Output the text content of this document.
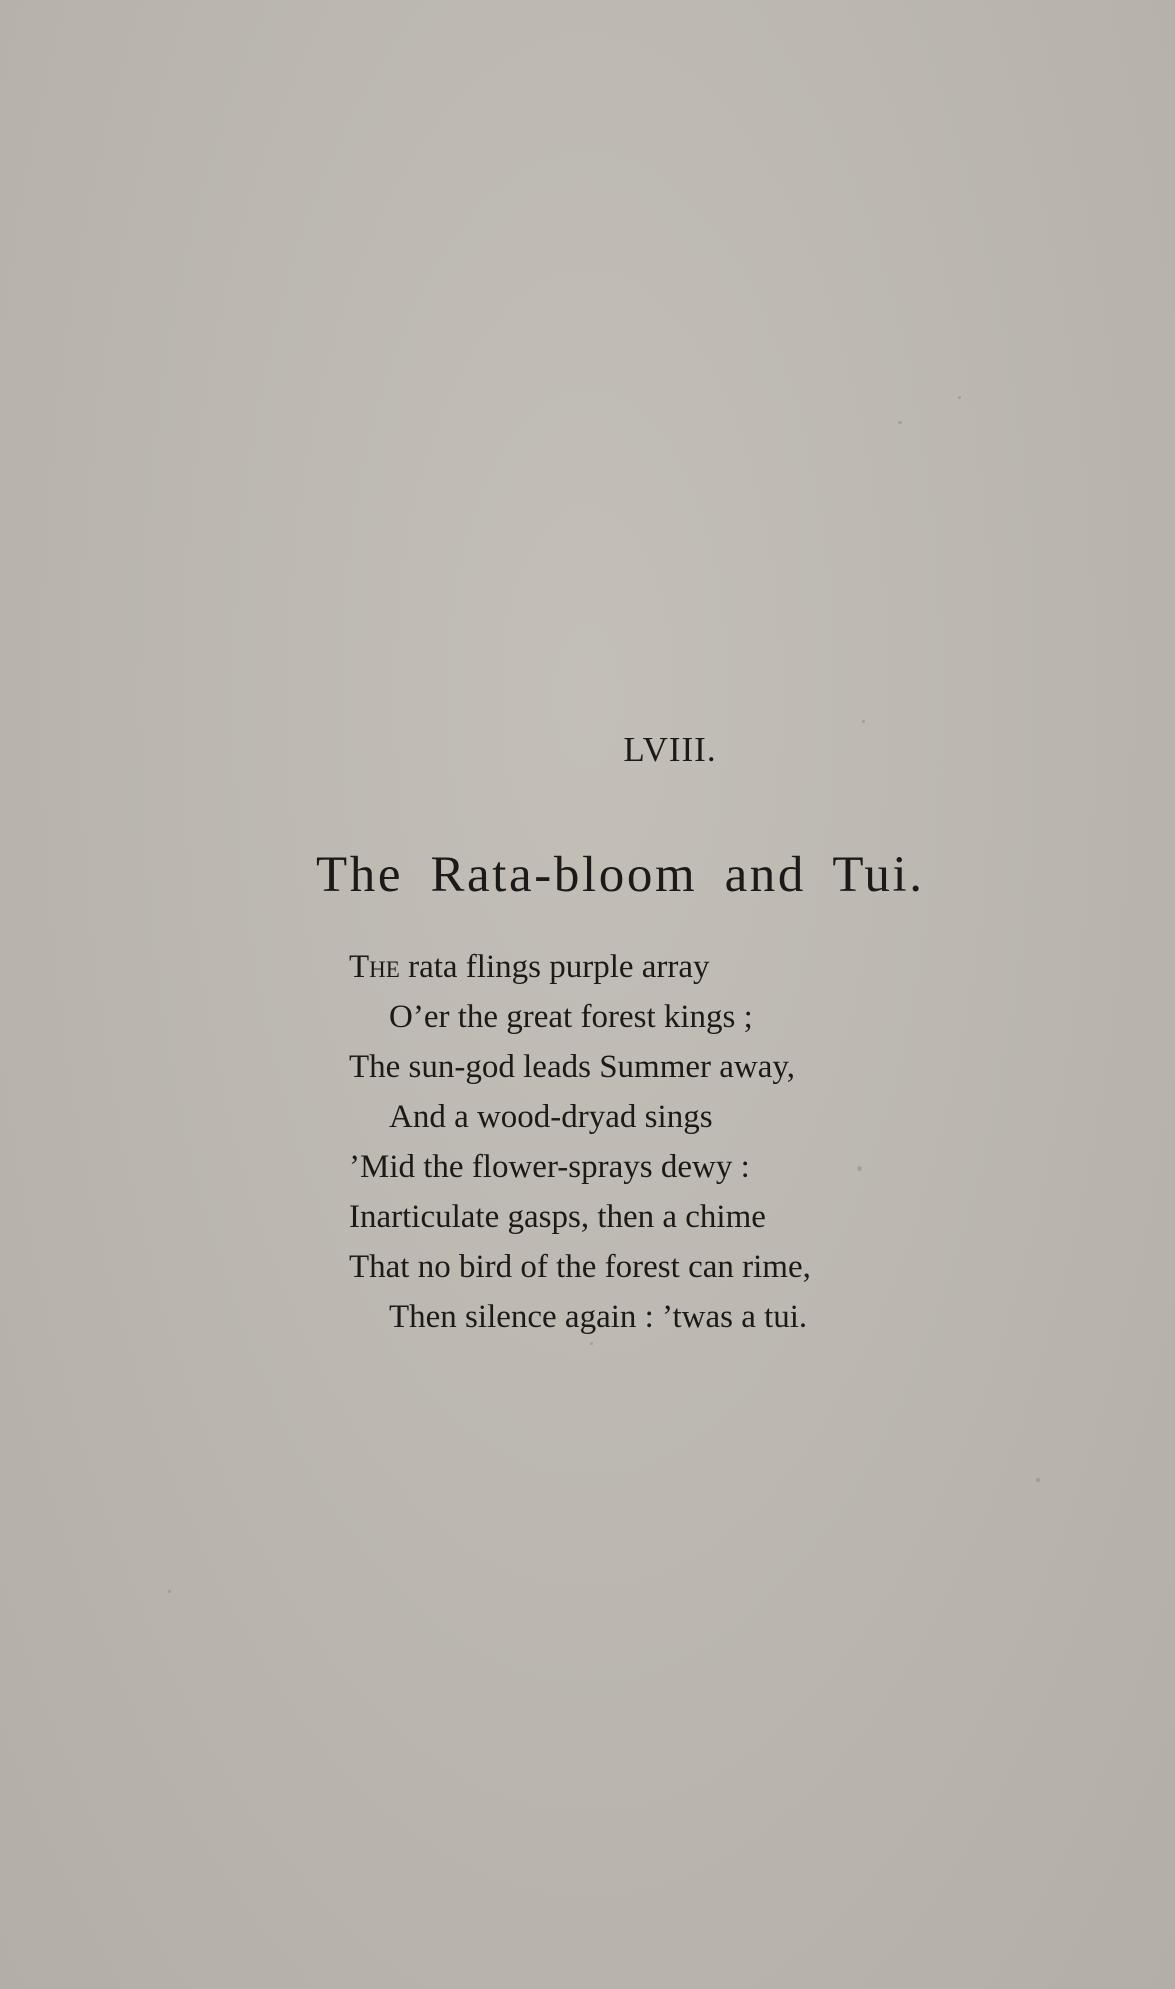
LVIII.
The Rata-bloom and Tui.
The rata flings purple array
O’er the great forest kings ;
The sun-god leads Summer away,
And a wood-dryad sings
’Mid the flower-sprays dewy :
Inarticulate gasps, then a chime
That no bird of the forest can rime,
Then silence again : ’twas a tui.
